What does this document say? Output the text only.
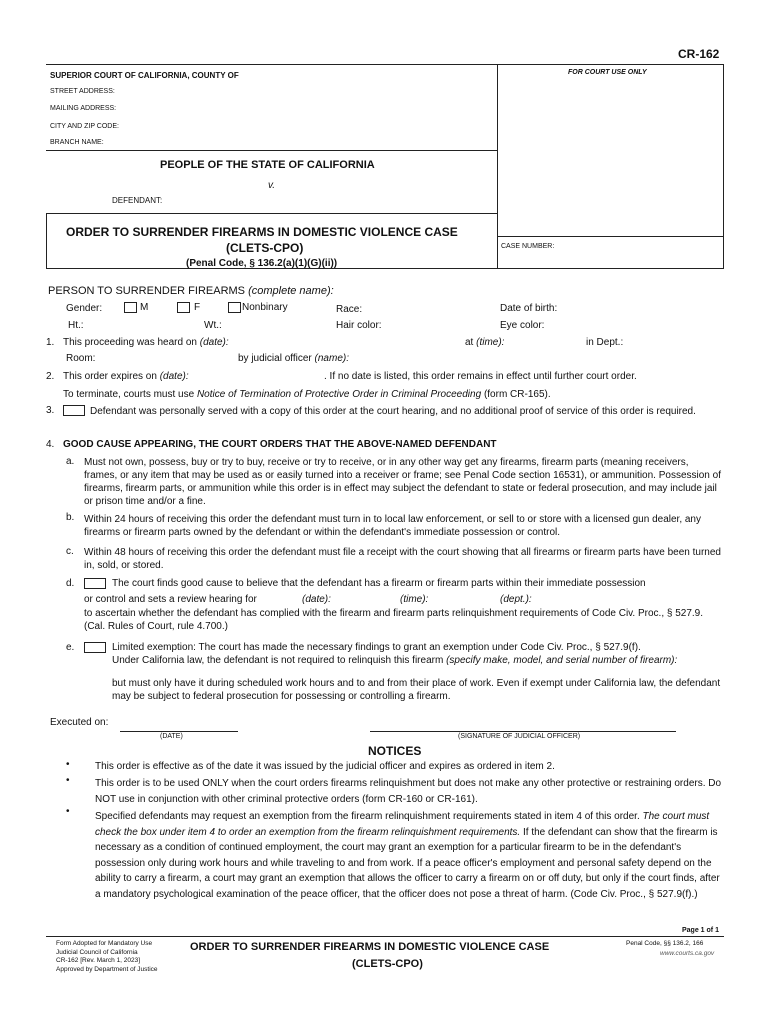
CR-162
SUPERIOR COURT OF CALIFORNIA, COUNTY OF	FOR COURT USE ONLY
STREET ADDRESS:
MAILING ADDRESS:
CITY AND ZIP CODE:
BRANCH NAME:
PEOPLE OF THE STATE OF CALIFORNIA
v.
DEFENDANT:
ORDER TO SURRENDER FIREARMS IN DOMESTIC VIOLENCE CASE
(CLETS-CPO)
(Penal Code, § 136.2(a)(1)(G)(ii))
CASE NUMBER:
PERSON TO SURRENDER FIREARMS (complete name):
Gender:	M	F	Nonbinary	Race:	Date of birth:
Ht.:	Wt.:	Hair color:	Eye color:
1. This proceeding was heard on (date):	at (time):	in Dept.:
Room:	by judicial officer (name):
2. This order expires on (date):	. If no date is listed, this order remains in effect until further court order.
To terminate, courts must use Notice of Termination of Protective Order in Criminal Proceeding (form CR-165).
3.	Defendant was personally served with a copy of this order at the court hearing, and no additional proof of service of this order is required.
4. GOOD CAUSE APPEARING, THE COURT ORDERS THAT THE ABOVE-NAMED DEFENDANT
a. Must not own, possess, buy or try to buy, receive or try to receive, or in any other way get any firearms, firearm parts (meaning receivers, frames, or any item that may be used as or easily turned into a receiver or frame; see Penal Code section 16531), or ammunition. Possession of firearms, firearm parts, or ammunition while this order is in effect may subject the defendant to state or federal prosecution, and may include jail or prison time and/or a fine.
b. Within 24 hours of receiving this order the defendant must turn in to local law enforcement, or sell to or store with a licensed gun dealer, any firearms or firearm parts owned by the defendant or within the defendant's immediate possession or control.
c. Within 48 hours of receiving this order the defendant must file a receipt with the court showing that all firearms or firearm parts have been turned in, sold, or stored.
d.	The court finds good cause to believe that the defendant has a firearm or firearm parts within their immediate possession
or control and sets a review hearing for	(date):	(time):	(dept.):
to ascertain whether the defendant has complied with the firearm and firearm parts relinquishment requirements of Code Civ. Proc., § 527.9. (Cal. Rules of Court, rule 4.700.)
e.	Limited exemption: The court has made the necessary findings to grant an exemption under Code Civ. Proc., § 527.9(f).
Under California law, the defendant is not required to relinquish this firearm (specify make, model, and serial number of firearm):
but must only have it during scheduled work hours and to and from their place of work. Even if exempt under California law, the defendant may be subject to federal prosecution for possessing or controlling a firearm.
Executed on:
(DATE)	(SIGNATURE OF JUDICIAL OFFICER)
NOTICES
•	This order is effective as of the date it was issued by the judicial officer and expires as ordered in item 2.
•	This order is to be used ONLY when the court orders firearms relinquishment but does not make any other protective or restraining orders. Do NOT use in conjunction with other criminal protective orders (form CR-160 or CR-161).
•	Specified defendants may request an exemption from the firearm relinquishment requirements stated in item 4 of this order. The court must check the box under item 4 to order an exemption from the firearm relinquishment requirements. If the defendant can show that the firearm is necessary as a condition of continued employment, the court may grant an exemption for a particular firearm to be in the defendant's possession only during work hours and while traveling to and from work. If a peace officer's employment and personal safety depend on the ability to carry a firearm, a court may grant an exemption that allows the officer to carry a firearm on or off duty, but only if the court finds, after a mandatory psychological examination of the peace officer, that the officer does not pose a threat of harm. (Code Civ. Proc., § 527.9(f).)
Page 1 of 1
Form Adopted for Mandatory Use
Judicial Council of California
CR-162 [Rev. March 1, 2023]
Approved by Department of Justice
ORDER TO SURRENDER FIREARMS IN DOMESTIC VIOLENCE CASE
(CLETS-CPO)
Penal Code, §§ 136.2, 166
www.courts.ca.gov
